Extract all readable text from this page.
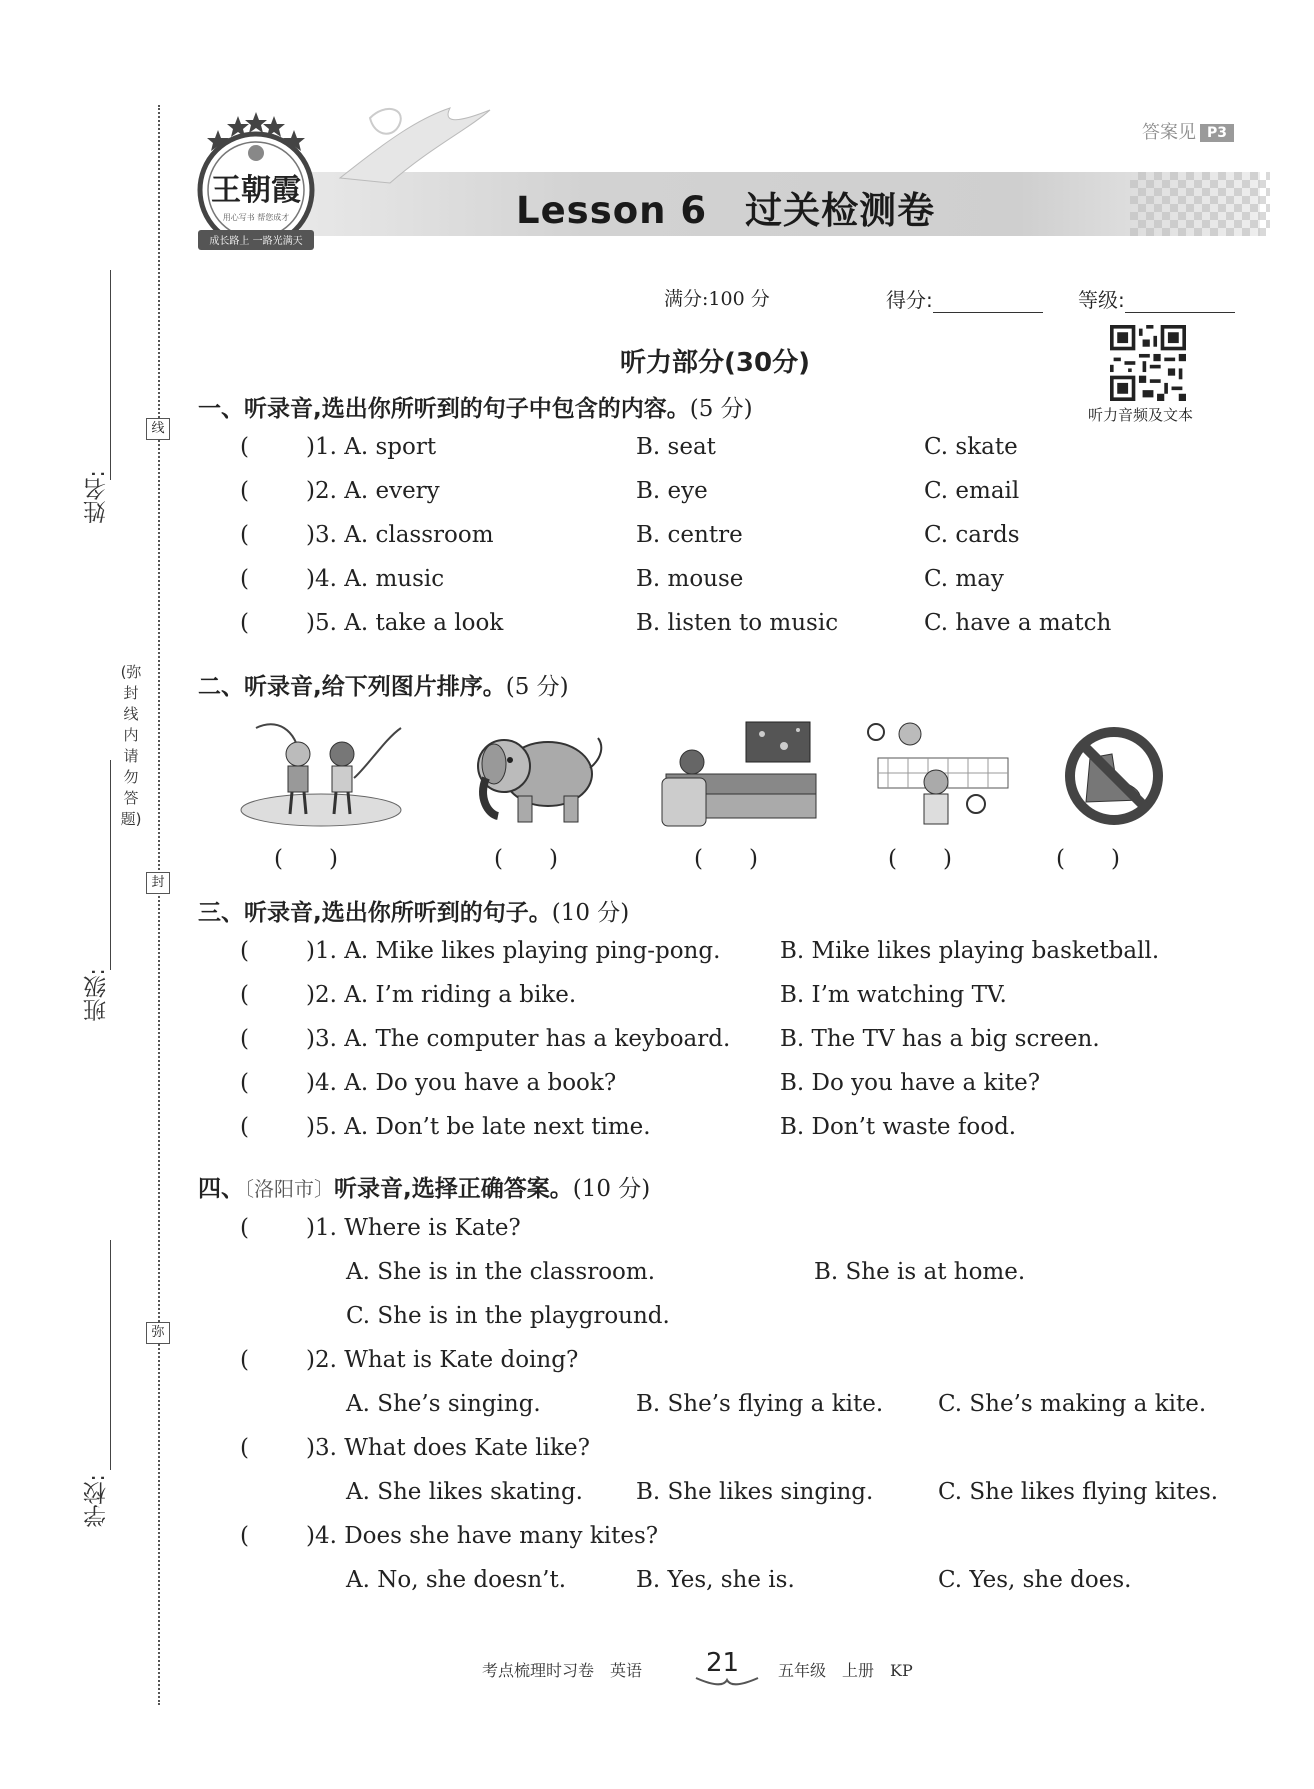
姓名:
班级:
学校:
线
封
弥
(弥封线内请勿答题)
王朝霞
用心写书 帮您成才
成长路上 一路光满天
Lesson 6　过关检测卷
答案见 P3
满分:100 分	得分:	等级:
听力音频及文本
听力部分(30分)
一、听录音,选出你所听到的句子中包含的内容。(5 分)
( )1. A. sport	B. seat	C. skate
( )2. A. every	B. eye	C. email
( )3. A. classroom	B. centre	C. cards
( )4. A. music	B. mouse	C. may
( )5. A. take a look	B. listen to music	C. have a match
二、听录音,给下列图片排序。(5 分)
(　　)	(　　)	(　　)	(　　)	(　　)
三、听录音,选出你所听到的句子。(10 分)
( )1. A. Mike likes playing ping-pong.	B. Mike likes playing basketball.
( )2. A. I’m riding a bike.	B. I’m watching TV.
( )3. A. The computer has a keyboard. B. The TV has a big screen.
( )4. A. Do you have a book?	B. Do you have a kite?
( )5. A. Don’t be late next time.	B. Don’t waste food.
四、〔洛阳市〕听录音,选择正确答案。(10 分)
( )1. Where is Kate?
A. She is in the classroom.	B. She is at home.
C. She is in the playground.
( )2. What is Kate doing?
A. She’s singing.	B. She’s flying a kite. C. She’s making a kite.
( )3. What does Kate like?
A. She likes skating. B. She likes singing.	C. She likes flying kites.
( )4. Does she have many kites?
A. No, she doesn’t.	B. Yes, she is.	C. Yes, she does.
考点梳理时习卷　英语 21 五年级　上册　KP
